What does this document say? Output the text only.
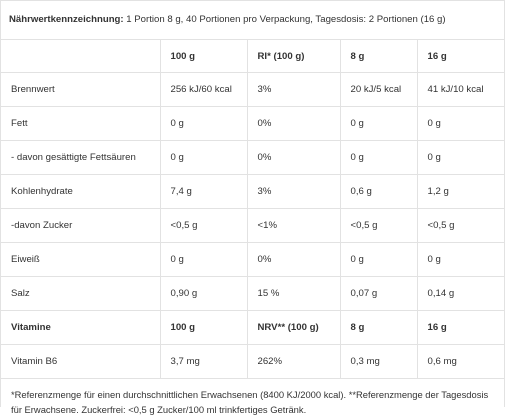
Nährwertkennzeichnung: 1 Portion 8 g, 40 Portionen pro Verpackung, Tagesdosis: 2 Portionen (16 g)
	100 g	RI* (100 g)	8 g	16 g
Brennwert	256 kJ/60 kcal	3%	20 kJ/5 kcal	41 kJ/10 kcal
Fett	0 g	0%	0 g	0 g
- davon gesättigte Fettsäuren	0 g	0%	0 g	0 g
Kohlenhydrate	7,4 g	3%	0,6 g	1,2 g
-davon Zucker	<0,5 g	<1%	<0,5 g	<0,5 g
Eiweiß	0 g	0%	0 g	0 g
Salz	0,90 g	15 %	0,07 g	0,14 g
Vitamine	100 g	NRV** (100 g)	8 g	16 g
Vitamin B6	3,7 mg	262%	0,3 mg	0,6 mg
*Referenzmenge für einen durchschnittlichen Erwachsenen (8400 KJ/2000 kcal). **Referenzmenge der Tagesdosis für Erwachsene. Zuckerfrei: <0,5 g Zucker/100 ml trinkfertiges Getränk.
